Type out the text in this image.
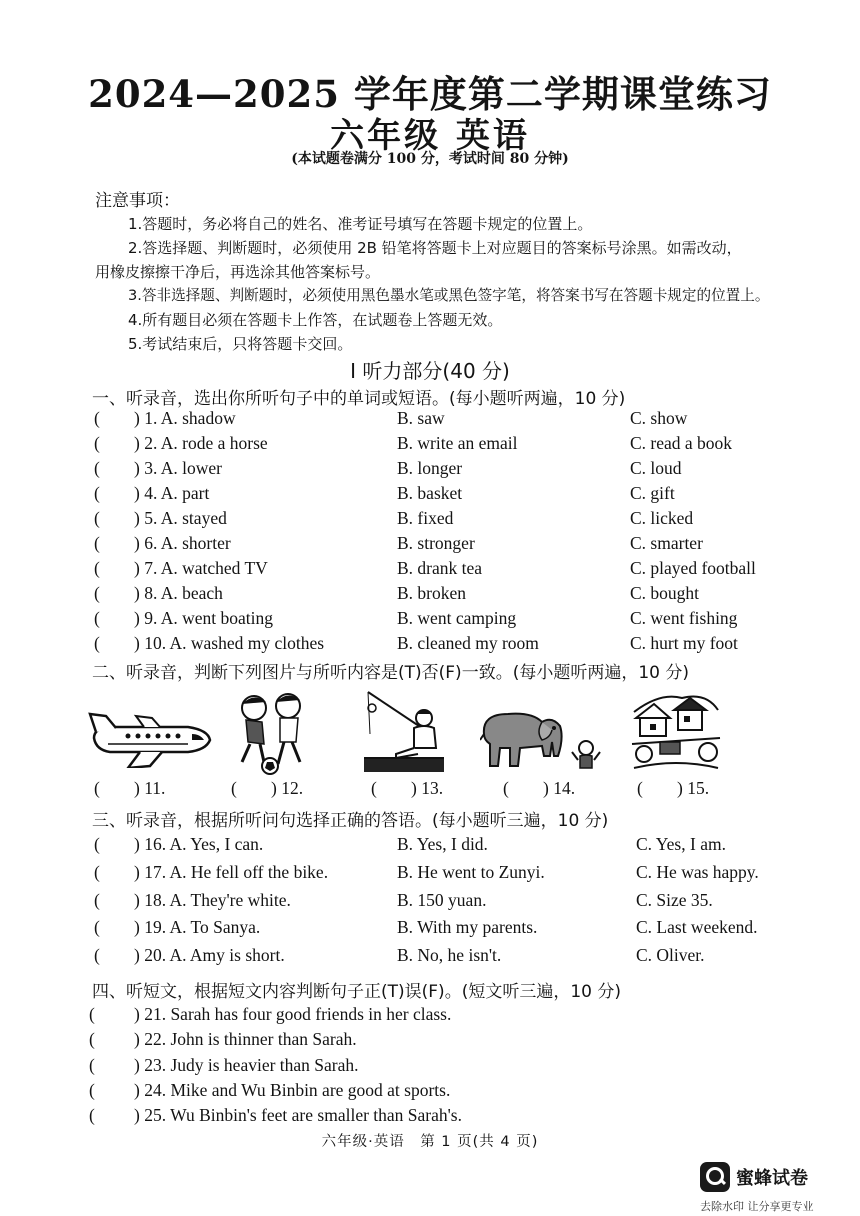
2024—2025 学年度第二学期课堂练习
六年级 英语
(本试题卷满分 100 分，考试时间 80 分钟)
注意事项：
1.答题时，务必将自己的姓名、准考证号填写在答题卡规定的位置上。
2.答选择题、判断题时，必须使用 2B 铅笔将答题卡上对应题目的答案标号涂黑。如需改动，
用橡皮擦擦干净后，再选涂其他答案标号。
3.答非选择题、判断题时，必须使用黑色墨水笔或黑色签字笔，将答案书写在答题卡规定的位置上。
4.所有题目必须在答题卡上作答，在试题卷上答题无效。
5.考试结束后，只将答题卡交回。
I 听力部分(40 分)
一、听录音，选出你所听句子中的单词或短语。(每小题听两遍，10 分)
( ) 1. A. shadow	B. saw	C. show
( ) 2. A. rode a horse	B. write an email	C. read a book
( ) 3. A. lower	B. longer	C. loud
( ) 4. A. part	B. basket	C. gift
( ) 5. A. stayed	B. fixed	C. licked
( ) 6. A. shorter	B. stronger	C. smarter
( ) 7. A. watched TV	B. drank tea	C. played football
( ) 8. A. beach	B. broken	C. bought
( ) 9. A. went boating	B. went camping	C. went fishing
( ) 10. A. washed my clothes	B. cleaned my room	C. hurt my foot
二、听录音，判断下列图片与所听内容是(T)否(F)一致。(每小题听两遍，10 分)
( ) 11.	( ) 12.	( ) 13.	( ) 14.	( ) 15.
三、听录音，根据所听问句选择正确的答语。(每小题听三遍，10 分)
( ) 16. A. Yes, I can.	B. Yes, I did.	C. Yes, I am.
( ) 17. A. He fell off the bike.	B. He went to Zunyi.	C. He was happy.
( ) 18. A. They're white.	B. 150 yuan.	C. Size 35.
( ) 19. A. To Sanya.	B. With my parents.	C. Last weekend.
( ) 20. A. Amy is short.	B. No, he isn't.	C. Oliver.
四、听短文，根据短文内容判断句子正(T)误(F)。(短文听三遍，10 分)
( ) 21. Sarah has four good friends in her class.
( ) 22. John is thinner than Sarah.
( ) 23. Judy is heavier than Sarah.
( ) 24. Mike and Wu Binbin are good at sports.
( ) 25. Wu Binbin's feet are smaller than Sarah's.
六年级·英语　第 1 页(共 4 页)
蜜蜂试卷
去除水印 让分享更专业
